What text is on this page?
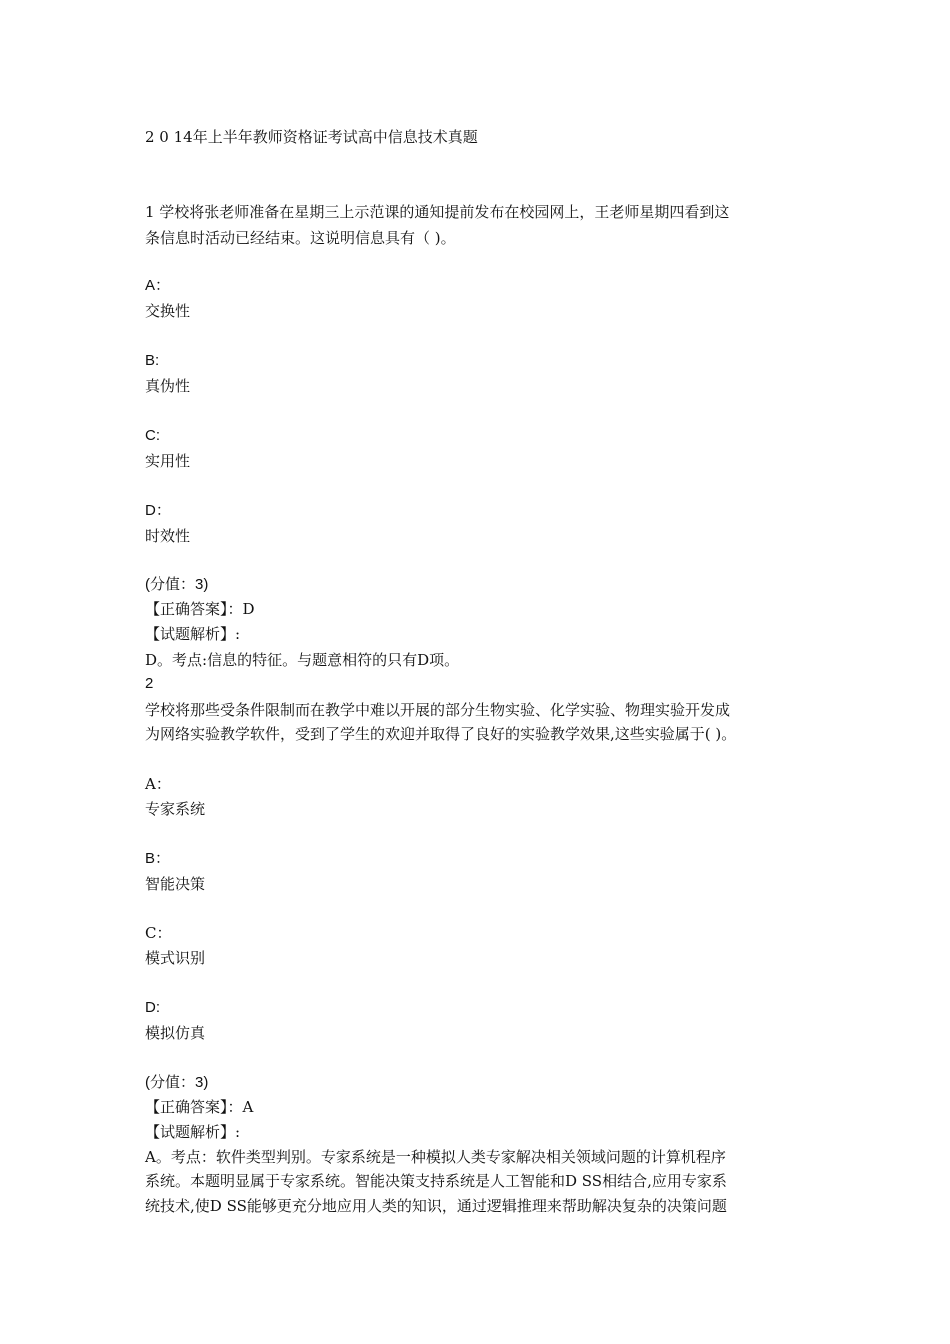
2 0 14年上半年教师资格证考试高中信息技术真题
1 学校将张老师准备在星期三上示范课的通知提前发布在校园网上，王老师星期四看到这
条信息时活动已经结束。这说明信息具有（ )。
A：
交换性
B:
真伪性
C:
实用性
D：
时效性
(分值：3)
【正确答案】：D
【试题解析】:
D。考点:信息的特征。与题意相符的只有D项。
2
学校将那些受条件限制而在教学中难以开展的部分生物实验、化学实验、物理实验开发成
为网络实验教学软件，受到了学生的欢迎并取得了良好的实验教学效果,这些实验属于( )。
A：
专家系统
B：
智能决策
C：
模式识别
D:
模拟仿真
(分值：3)
【正确答案】：A
【试题解析】:
A。考点：软件类型判别。专家系统是一种模拟人类专家解决相关领域问题的计算机程序
系统。本题明显属于专家系统。智能决策支持系统是人工智能和D SS相结合,应用专家系
统技术,使D SS能够更充分地应用人类的知识，通过逻辑推理来帮助解决复杂的决策问题
